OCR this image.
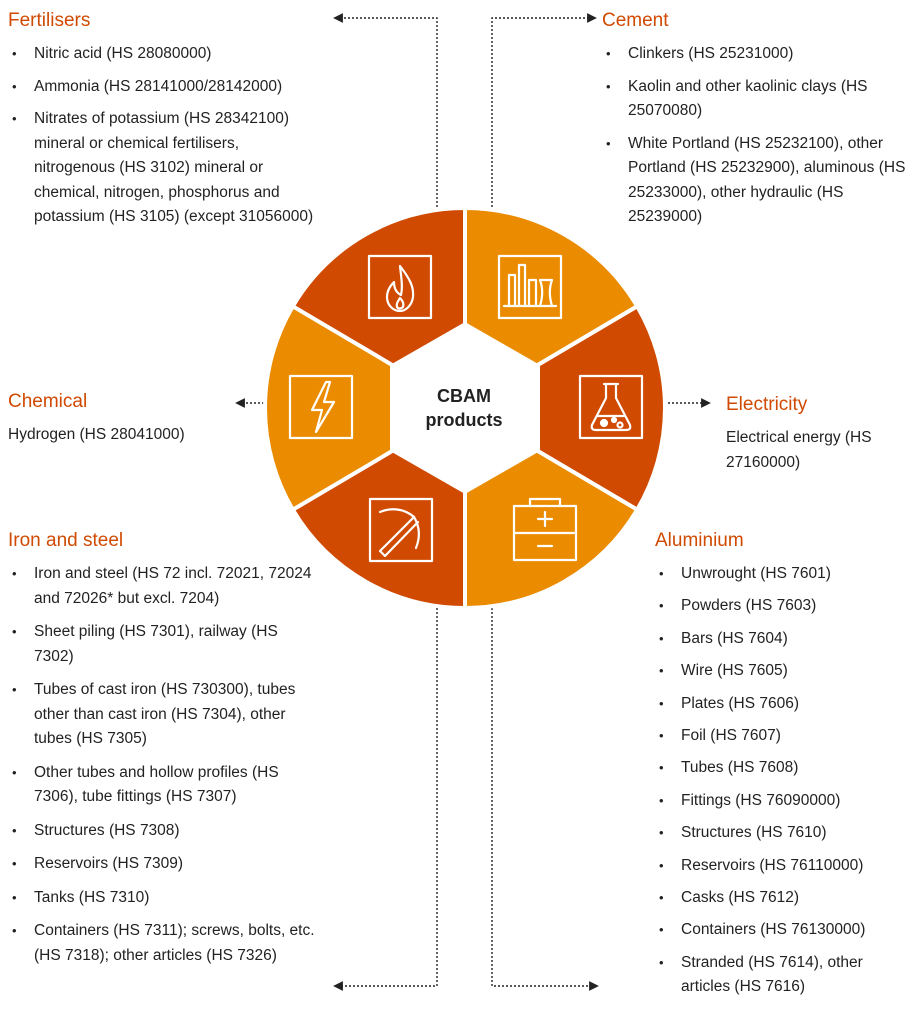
CBAM
products
Fertilisers
• Nitric acid (HS 28080000)
• Ammonia (HS 28141000/28142000)
• Nitrates of potassium (HS 28342100) mineral or chemical fertilisers, nitrogenous (HS 3102) mineral or chemical, nitrogen, phosphorus and potassium (HS 3105) (except 31056000)
Cement
• Clinkers (HS 25231000)
• Kaolin and other kaolinic clays (HS 25070080)
• White Portland (HS 25232100), other Portland (HS 25232900), aluminous (HS 25233000), other hydraulic (HS 25239000)
Chemical

Hydrogen (HS 28041000)

Electricity

Electrical energy (HS 27160000)

Iron and steel
• Iron and steel (HS 72 incl. 72021, 72024 and 72026* but excl. 7204)
• Sheet piling (HS 7301), railway (HS 7302)
• Tubes of cast iron (HS 730300), tubes other than cast iron (HS 7304), other tubes (HS 7305)
• Other tubes and hollow profiles (HS 7306), tube fittings (HS 7307)
• Structures (HS 7308)
• Reservoirs (HS 7309)
• Tanks (HS 7310)
• Containers (HS 7311); screws, bolts, etc. (HS 7318); other articles (HS 7326)
Aluminium
• Unwrought (HS 7601)
• Powders (HS 7603)
• Bars (HS 7604)
• Wire (HS 7605)
• Plates (HS 7606)
• Foil (HS 7607)
• Tubes (HS 7608)
• Fittings (HS 76090000)
• Structures (HS 7610)
• Reservoirs (HS 76110000)
• Casks (HS 7612)
• Containers (HS 76130000)
• Stranded (HS 7614), other articles (HS 7616)
